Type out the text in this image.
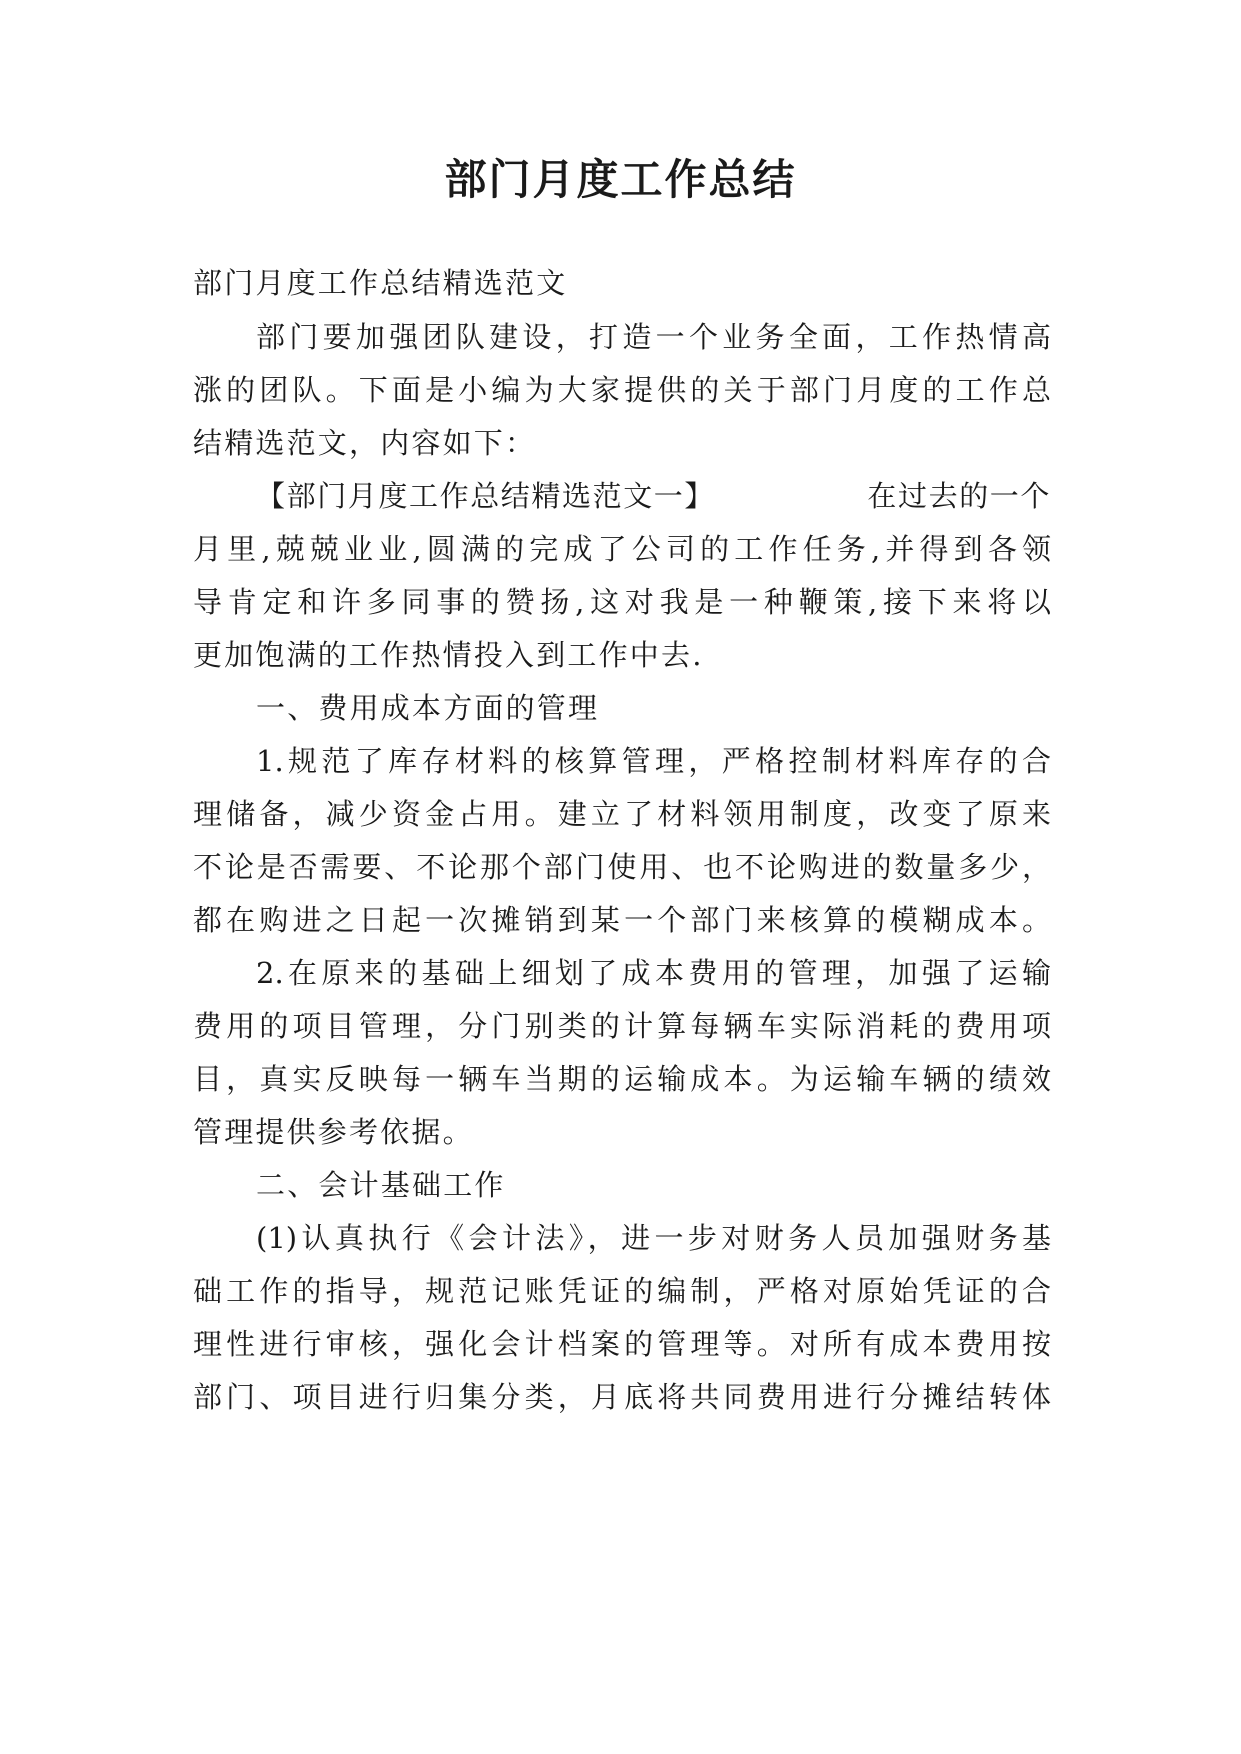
部门月度工作总结
部门月度工作总结精选范文
部门要加强团队建设，打造一个业务全面，工作热情高
涨的团队。下面是小编为大家提供的关于部门月度的工作总
结精选范文，内容如下：
【部门月度工作总结精选范文一】	在过去的一个
月里,兢兢业业,圆满的完成了公司的工作任务,并得到各领
导肯定和许多同事的赞扬,这对我是一种鞭策,接下来将以
更加饱满的工作热情投入到工作中去.
一、费用成本方面的管理
1.规范了库存材料的核算管理，严格控制材料库存的合
理储备，减少资金占用。建立了材料领用制度，改变了原来
不论是否需要、不论那个部门使用、也不论购进的数量多少，
都在购进之日起一次摊销到某一个部门来核算的模糊成本。
2.在原来的基础上细划了成本费用的管理，加强了运输
费用的项目管理，分门别类的计算每辆车实际消耗的费用项
目，真实反映每一辆车当期的运输成本。为运输车辆的绩效
管理提供参考依据。
二、会计基础工作
(1)认真执行《会计法》，进一步对财务人员加强财务基
础工作的指导，规范记账凭证的编制，严格对原始凭证的合
理性进行审核，强化会计档案的管理等。对所有成本费用按
部门、项目进行归集分类，月底将共同费用进行分摊结转体
